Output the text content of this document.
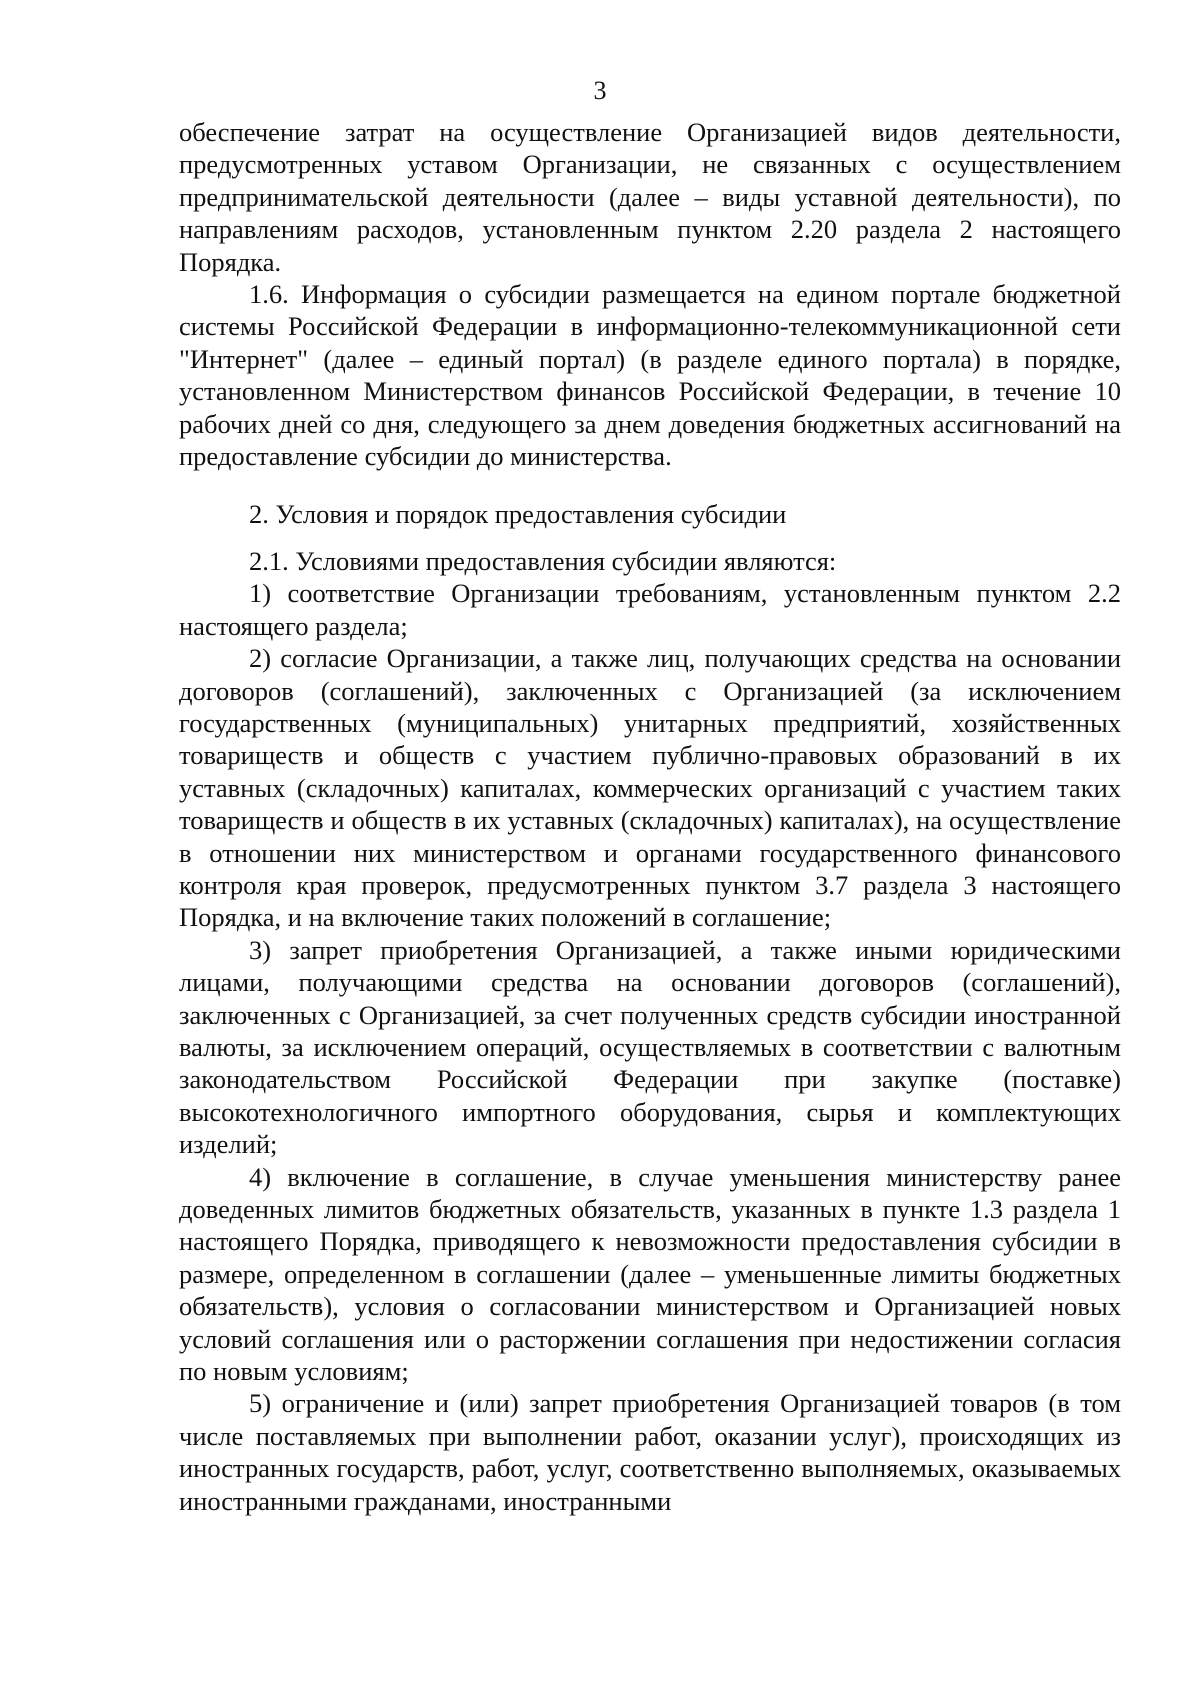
3

обеспечение затрат на осуществление Организацией видов деятельности, предусмотренных уставом Организации, не связанных с осуществлением предпринимательской деятельности (далее – виды уставной деятельности), по направлениям расходов, установленным пунктом 2.20 раздела 2 настоящего Порядка.

1.6. Информация о субсидии размещается на едином портале бюджетной системы Российской Федерации в информационно-телекоммуникационной сети "Интернет" (далее – единый портал) (в разделе единого портала) в порядке, установленном Министерством финансов Российской Федерации, в течение 10 рабочих дней со дня, следующего за днем доведения бюджетных ассигнований на предоставление субсидии до министерства.

2. Условия и порядок предоставления субсидии

2.1. Условиями предоставления субсидии являются:

1) соответствие Организации требованиям, установленным пунктом 2.2 настоящего раздела;

2) согласие Организации, а также лиц, получающих средства на основании договоров (соглашений), заключенных с Организацией (за исключением государственных (муниципальных) унитарных предприятий, хозяйственных товариществ и обществ с участием публично-правовых образований в их уставных (складочных) капиталах, коммерческих организаций с участием таких товариществ и обществ в их уставных (складочных) капиталах), на осуществление в отношении них министерством и органами государственного финансового контроля края проверок, предусмотренных пунктом 3.7 раздела 3 настоящего Порядка, и на включение таких положений в соглашение;

3) запрет приобретения Организацией, а также иными юридическими лицами, получающими средства на основании договоров (соглашений), заключенных с Организацией, за счет полученных средств субсидии иностранной валюты, за исключением операций, осуществляемых в соответствии с валютным законодательством Российской Федерации при закупке (поставке) высокотехнологичного импортного оборудования, сырья и комплектующих изделий;

4) включение в соглашение, в случае уменьшения министерству ранее доведенных лимитов бюджетных обязательств, указанных в пункте 1.3 раздела 1 настоящего Порядка, приводящего к невозможности предоставления субсидии в размере, определенном в соглашении (далее – уменьшенные лимиты бюджетных обязательств), условия о согласовании министерством и Организацией новых условий соглашения или о расторжении соглашения при недостижении согласия по новым условиям;

5) ограничение и (или) запрет приобретения Организацией товаров (в том числе поставляемых при выполнении работ, оказании услуг), происходящих из иностранных государств, работ, услуг, соответственно выполняемых, оказываемых иностранными гражданами, иностранными
